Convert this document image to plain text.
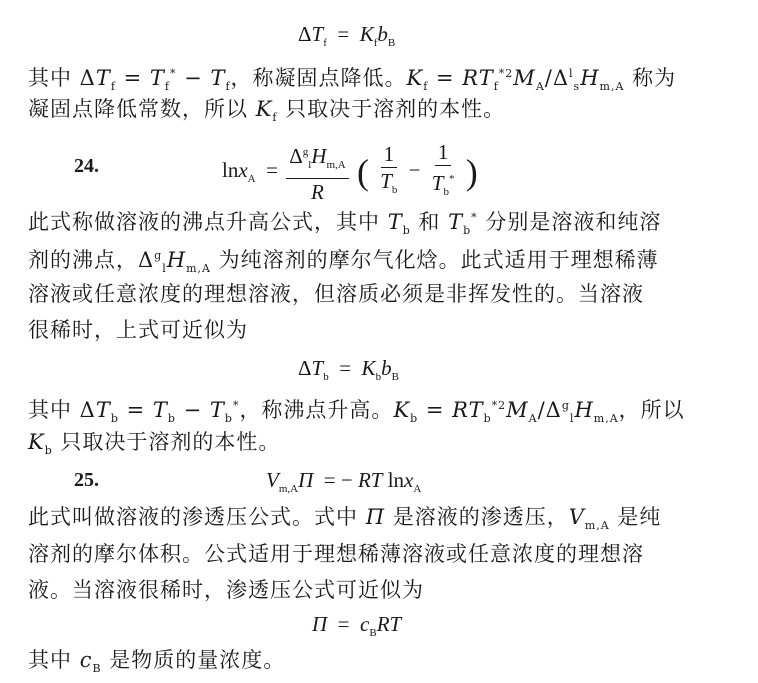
$\Delta T_f = K_fb_B$
其中 $\Delta T_f = T_f^* - T_f$，称凝固点降低。$K_f = RT_f^{*2}M_A/\Delta^l_sH_{m,A}$ 称为
凝固点降低常数，所以 $K_f$ 只取决于溶剂的本性。
24.	$\ln x_A = \frac{\Delta^g_lH_{m,A}}{R}$ ( $\frac{1}{T_b} - \frac{1}{T_b^*}$ )
此式称做溶液的沸点升高公式，其中 $T_b$ 和 $T_b^*$ 分别是溶液和纯溶
剂的沸点，$\Delta^g_lH_{m,A}$ 为纯溶剂的摩尔气化焓。此式适用于理想稀薄
溶液或任意浓度的理想溶液，但溶质必须是非挥发性的。当溶液
很稀时，上式可近似为
$\Delta T_b = K_bb_B$
其中 $\Delta T_b = T_b - T_b^*$，称沸点升高。$K_b = RT_b^{*2}M_A/\Delta^g_lH_{m,A}$，所以
$K_b$ 只取决于溶剂的本性。
25.	$V_{m,A}\Pi$  = − RT lnx$_A$
此式叫做溶液的渗透压公式。式中 Π 是溶液的渗透压，$V_{m,A}$ 是纯
溶剂的摩尔体积。公式适用于理想稀薄溶液或任意浓度的理想溶
液。当溶液很稀时，渗透压公式可近似为
$\Pi = c_BRT$
其中 $c_B$ 是物质的量浓度。
